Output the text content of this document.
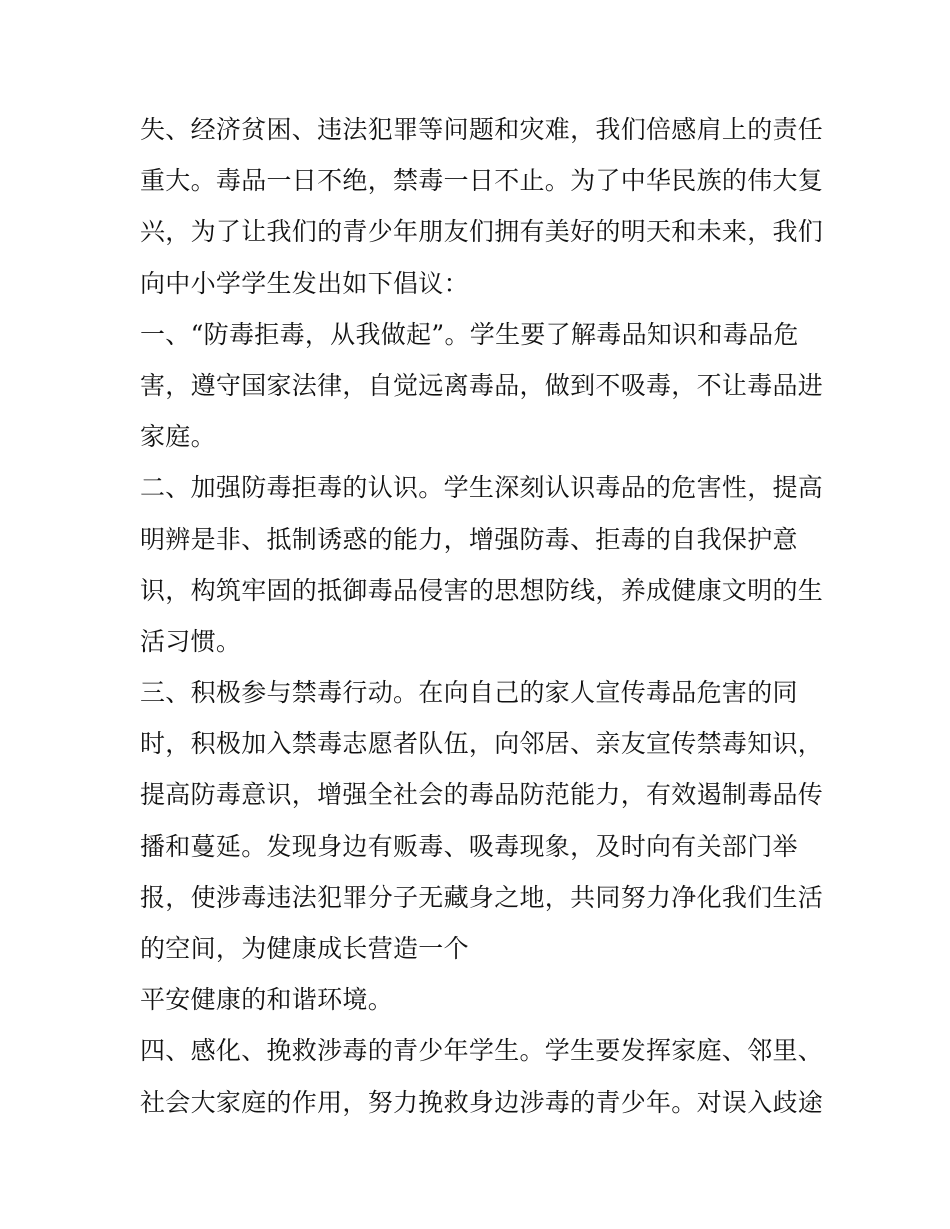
失、经济贫困、违法犯罪等问题和灾难，我们倍感肩上的责任
重大。毒品一日不绝，禁毒一日不止。为了中华民族的伟大复
兴，为了让我们的青少年朋友们拥有美好的明天和未来，我们
向中小学学生发出如下倡议：
一、“防毒拒毒，从我做起”。学生要了解毒品知识和毒品危
害，遵守国家法律，自觉远离毒品，做到不吸毒，不让毒品进
家庭。
二、加强防毒拒毒的认识。学生深刻认识毒品的危害性，提高
明辨是非、抵制诱惑的能力，增强防毒、拒毒的自我保护意
识，构筑牢固的抵御毒品侵害的思想防线，养成健康文明的生
活习惯。
三、积极参与禁毒行动。在向自己的家人宣传毒品危害的同
时，积极加入禁毒志愿者队伍，向邻居、亲友宣传禁毒知识，
提高防毒意识，增强全社会的毒品防范能力，有效遏制毒品传
播和蔓延。发现身边有贩毒、吸毒现象，及时向有关部门举
报，使涉毒违法犯罪分子无藏身之地，共同努力净化我们生活
的空间，为健康成长营造一个
平安健康的和谐环境。
四、感化、挽救涉毒的青少年学生。学生要发挥家庭、邻里、
社会大家庭的作用，努力挽救身边涉毒的青少年。对误入歧途
